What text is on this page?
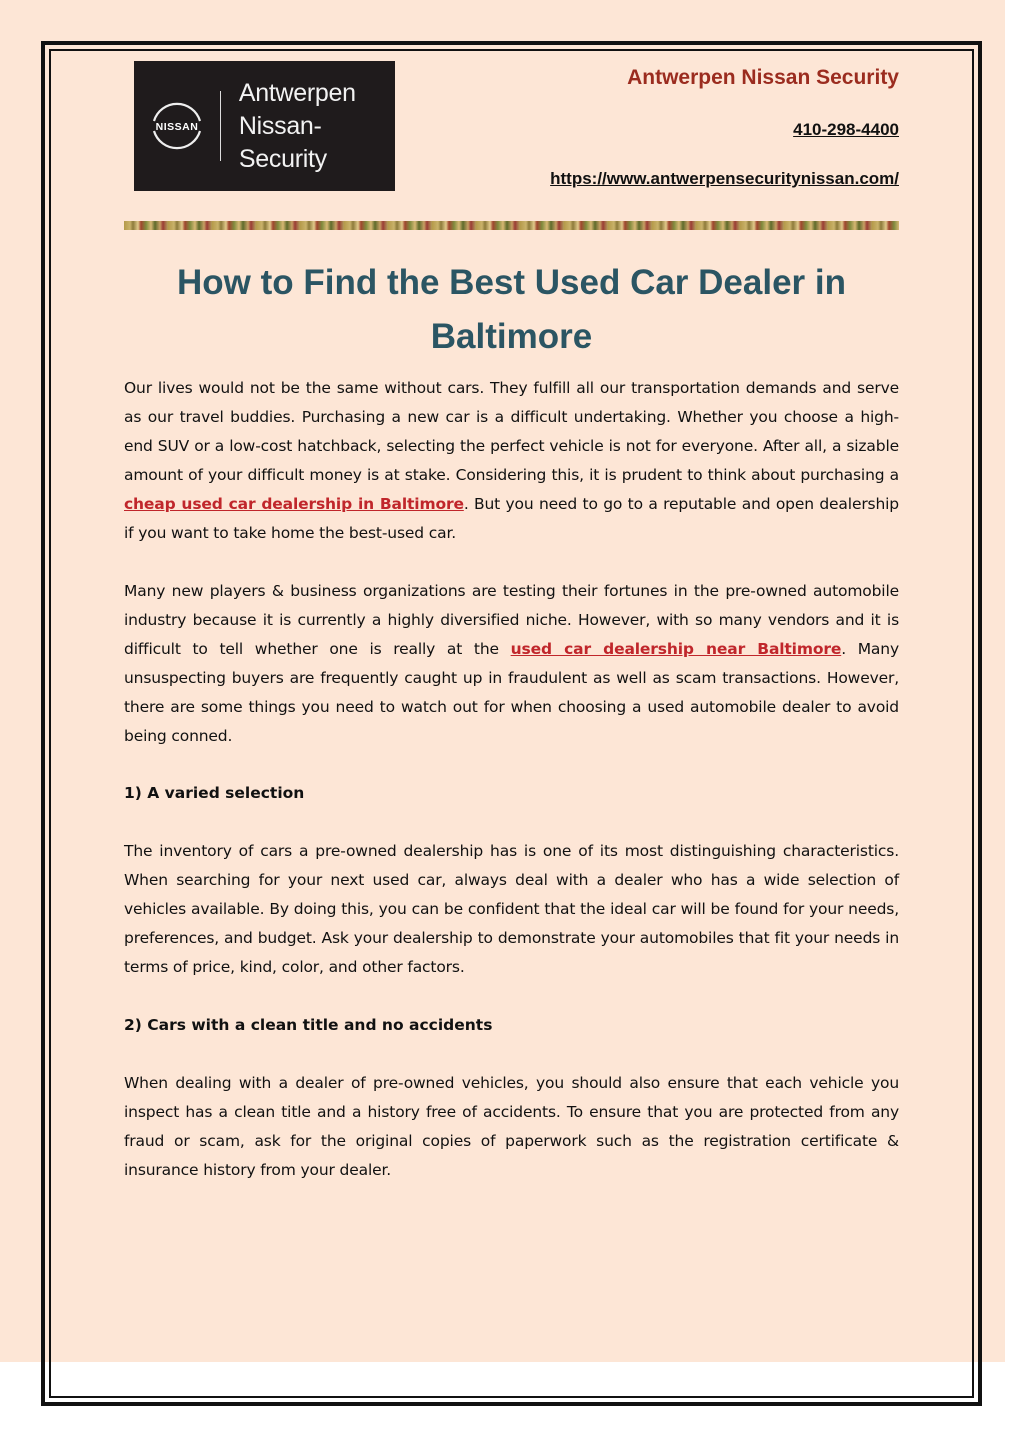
NISSAN
Antwerpen
Nissan-Security
Antwerpen Nissan Security
410-298-4400
https://www.antwerpensecuritynissan.com/
How to Find the Best Used Car Dealer in Baltimore

Our lives would not be the same without cars. They fulfill all our transportation demands and serve as our travel buddies. Purchasing a new car is a difficult undertaking. Whether you choose a high-end SUV or a low-cost hatchback, selecting the perfect vehicle is not for everyone. After all, a sizable amount of your difficult money is at stake. Considering this, it is prudent to think about purchasing a cheap used car dealership in Baltimore. But you need to go to a reputable and open dealership if you want to take home the best-used car.

Many new players & business organizations are testing their fortunes in the pre-owned automobile industry because it is currently a highly diversified niche. However, with so many vendors and it is difficult to tell whether one is really at the used car dealership near Baltimore. Many unsuspecting buyers are frequently caught up in fraudulent as well as scam transactions. However, there are some things you need to watch out for when choosing a used automobile dealer to avoid being conned.

1) A varied selection

The inventory of cars a pre-owned dealership has is one of its most distinguishing characteristics. When searching for your next used car, always deal with a dealer who has a wide selection of vehicles available. By doing this, you can be confident that the ideal car will be found for your needs, preferences, and budget. Ask your dealership to demonstrate your automobiles that fit your needs in terms of price, kind, color, and other factors.

2) Cars with a clean title and no accidents

When dealing with a dealer of pre-owned vehicles, you should also ensure that each vehicle you inspect has a clean title and a history free of accidents. To ensure that you are protected from any fraud or scam, ask for the original copies of paperwork such as the registration certificate & insurance history from your dealer.
